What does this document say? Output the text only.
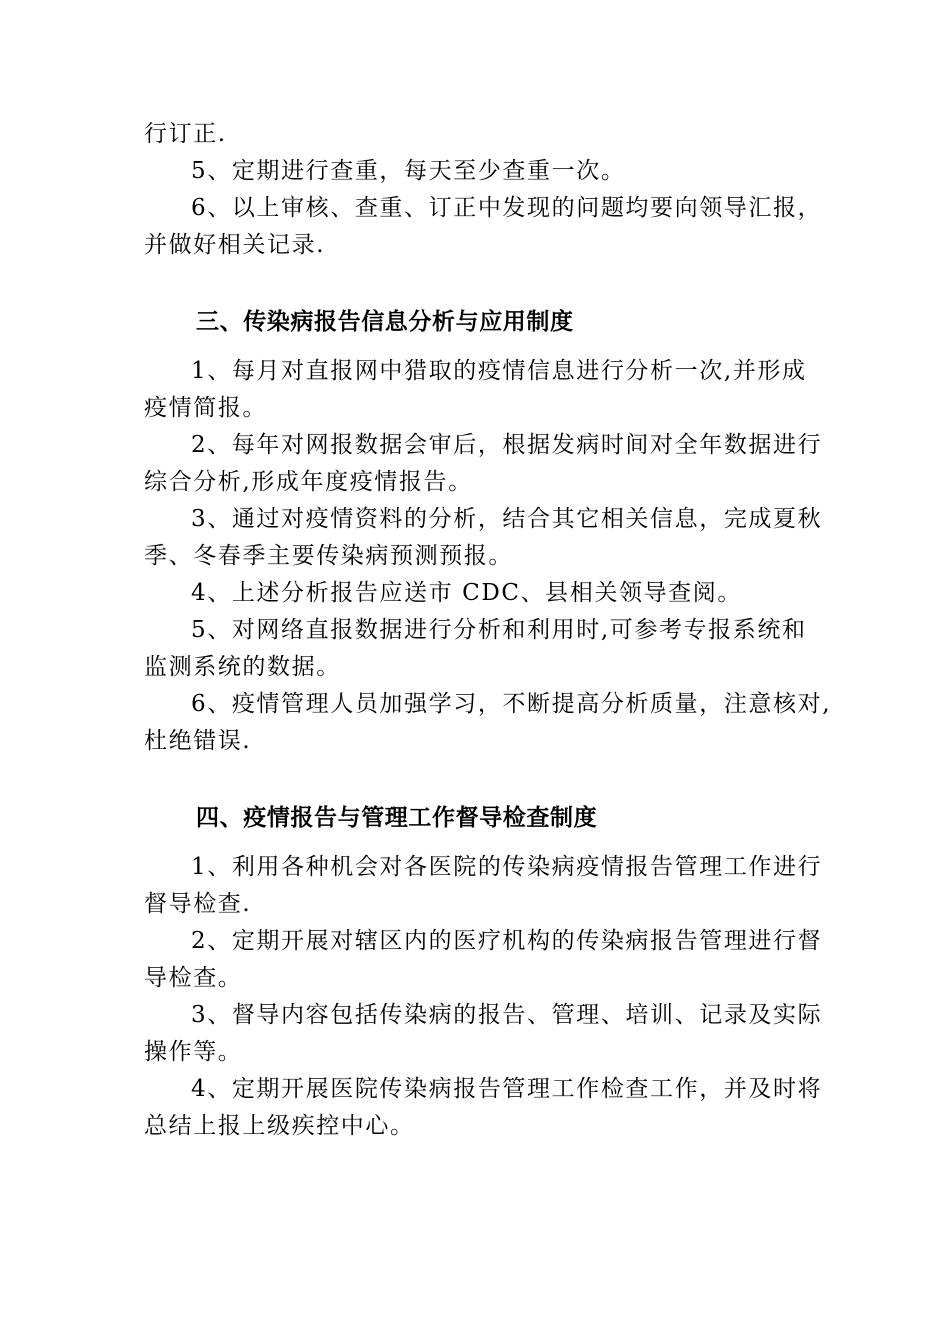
行订正.
5、定期进行查重，每天至少查重一次。
6、以上审核、查重、订正中发现的问题均要向领导汇报，
并做好相关记录.
三、传染病报告信息分析与应用制度
1、每月对直报网中猎取的疫情信息进行分析一次,并形成
疫情简报。
2、每年对网报数据会审后，根据发病时间对全年数据进行
综合分析,形成年度疫情报告。
3、通过对疫情资料的分析，结合其它相关信息，完成夏秋
季、冬春季主要传染病预测预报。
4、上述分析报告应送市 CDC、县相关领导查阅。
5、对网络直报数据进行分析和利用时,可参考专报系统和
监测系统的数据。
6、疫情管理人员加强学习，不断提高分析质量，注意核对,
杜绝错误.
四、疫情报告与管理工作督导检查制度
1、利用各种机会对各医院的传染病疫情报告管理工作进行
督导检查.
2、定期开展对辖区内的医疗机构的传染病报告管理进行督
导检查。
3、督导内容包括传染病的报告、管理、培训、记录及实际
操作等。
4、定期开展医院传染病报告管理工作检查工作，并及时将
总结上报上级疾控中心。
